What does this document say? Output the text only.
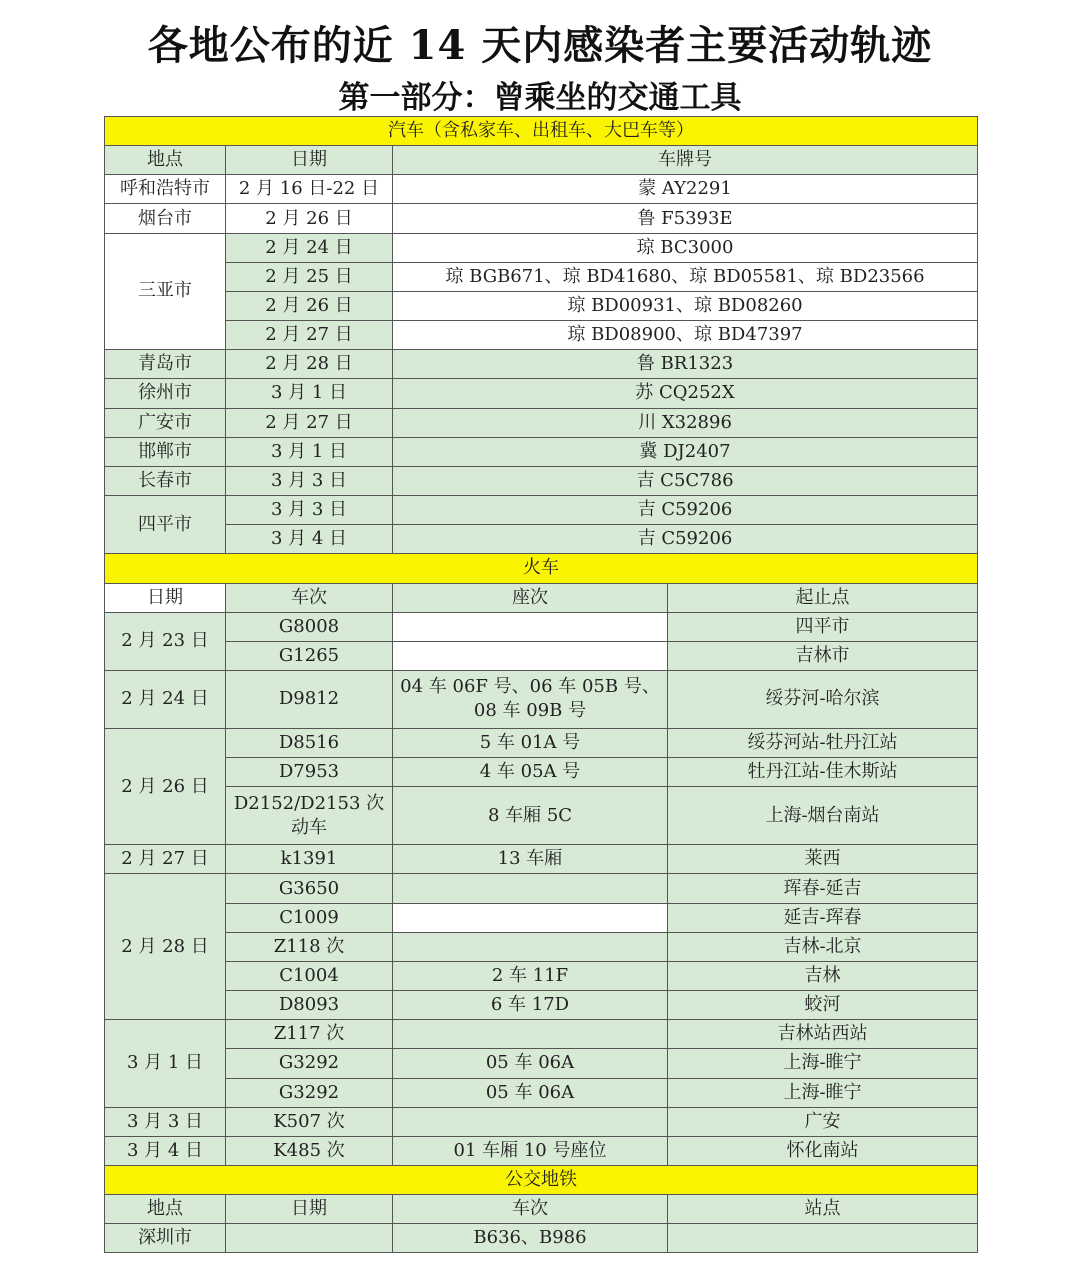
各地公布的近 14 天内感染者主要活动轨迹
第一部分：曾乘坐的交通工具
汽车（含私家车、出租车、大巴车等）			
地点	日期	车牌号	
呼和浩特市	2 月 16 日-22 日	蒙 AY2291	
烟台市	2 月 26 日	鲁 F5393E	
三亚市	2 月 24 日	琼 BC3000	
	2 月 25 日	琼 BGB671、琼 BD41680、琼 BD05581、琼 BD23566	
	2 月 26 日	琼 BD00931、琼 BD08260	
	2 月 27 日	琼 BD08900、琼 BD47397	
青岛市	2 月 28 日	鲁 BR1323	
徐州市	3 月 1 日	苏 CQ252X	
广安市	2 月 27 日	川 X32896	
邯郸市	3 月 1 日	冀 DJ2407	
长春市	3 月 3 日	吉 C5C786	
四平市	3 月 3 日	吉 C59206	
	3 月 4 日	吉 C59206	
火车			
日期	车次	座次	起止点
2 月 23 日	G8008		四平市
	G1265		吉林市
2 月 24 日	D9812	04 车 06F 号、06 车 05B 号、08 车 09B 号	绥芬河-哈尔滨
2 月 26 日	D8516	5 车 01A 号	绥芬河站-牡丹江站
	D7953	4 车 05A 号	牡丹江站-佳木斯站
	D2152/D2153 次动车	8 车厢 5C	上海-烟台南站
2 月 27 日	k1391	13 车厢	莱西
2 月 28 日	G3650		珲春-延吉
	C1009		延吉-珲春
	Z118 次		吉林-北京
	C1004	2 车 11F	吉林
	D8093	6 车 17D	蛟河
3 月 1 日	Z117 次		吉林站西站
	G3292	05 车 06A	上海-睢宁
	G3292	05 车 06A	上海-睢宁
3 月 3 日	K507 次		广安
3 月 4 日	K485 次	01 车厢 10 号座位	怀化南站
公交地铁			
地点	日期	车次	站点
深圳市		B636、B986	
